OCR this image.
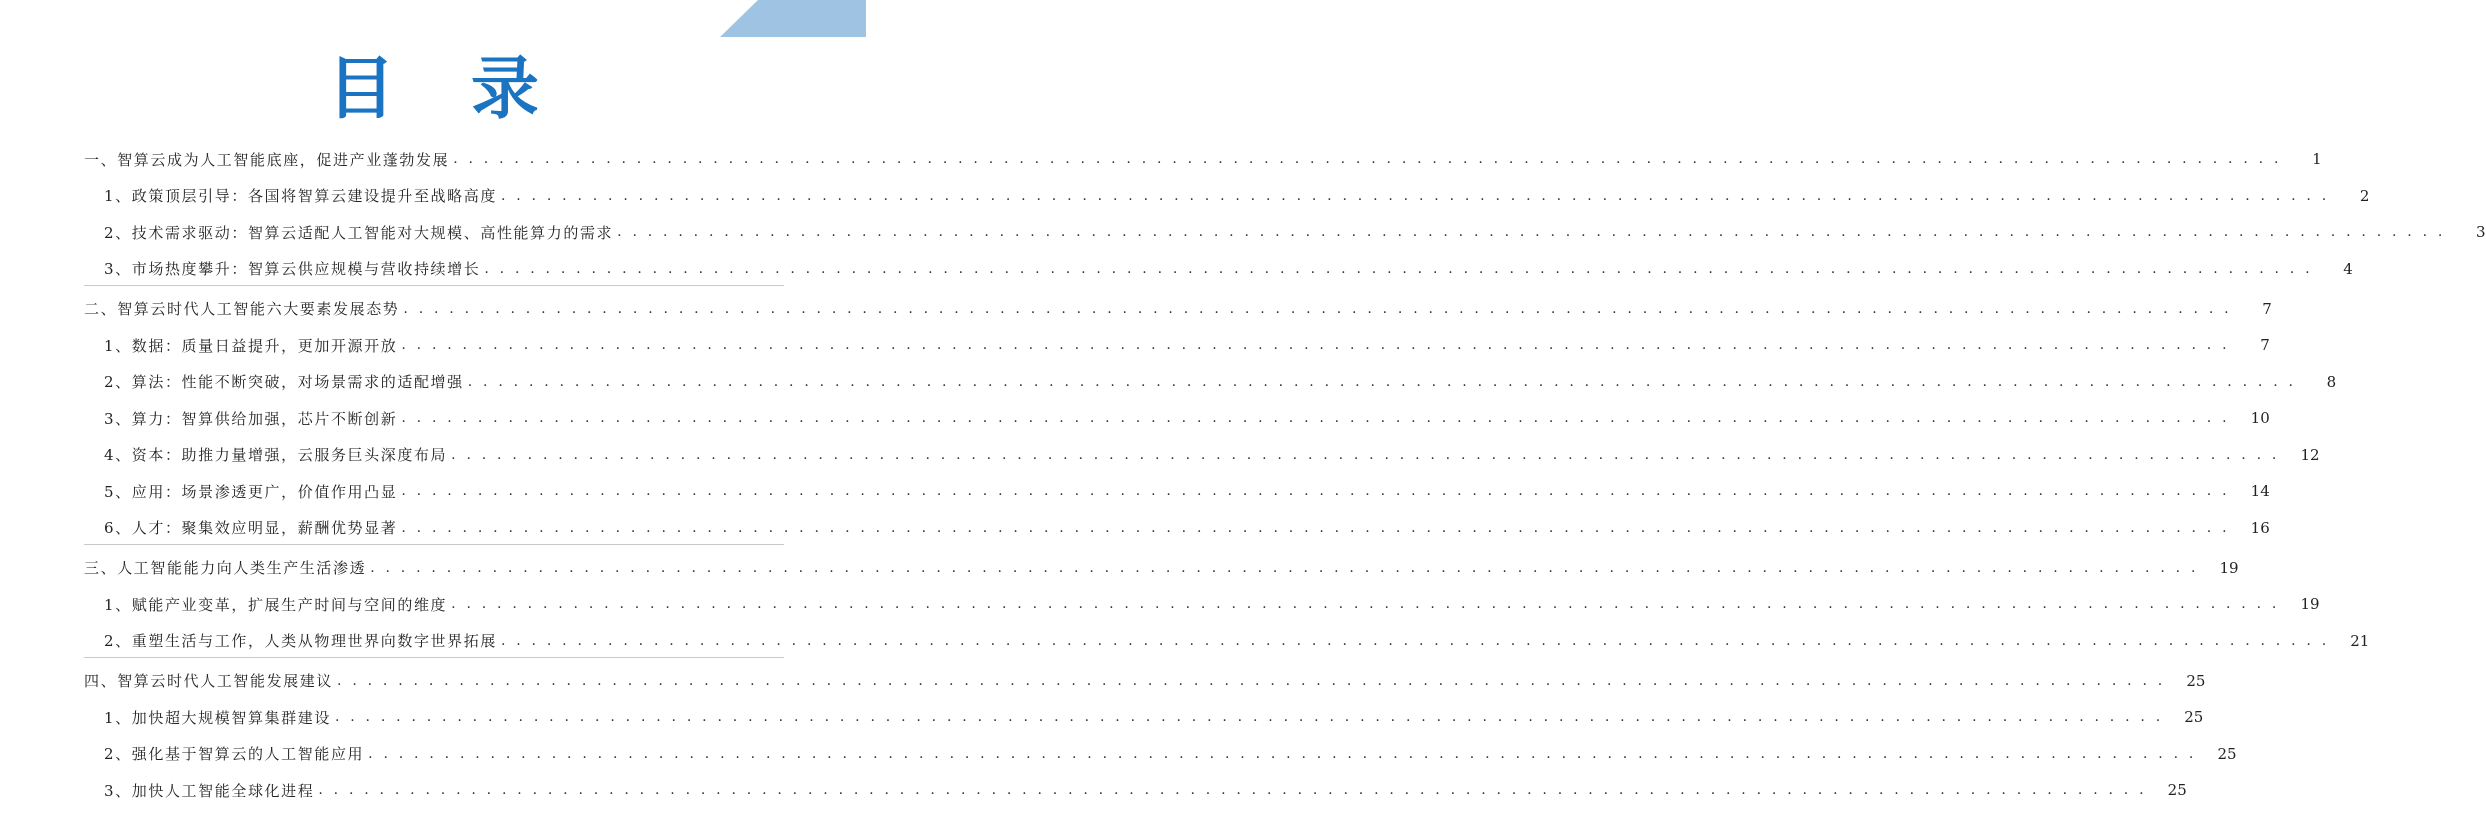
目 录
一、智算云成为人工智能底座，促进产业蓬勃发展 . . . . . . . . . . . . . . . . . . . . . . . . . . . . . . . . . . . . . . . . . . . . . . . . . . . . . . . . . . . . . . . . . . . . . . . . . . . . . . . . . . . . . . . . . . . . . . . . . . . . . . . . . . . . . . . . . . . . . . . .	1
1、政策顶层引导：各国将智算云建设提升至战略高度 . . . . . . . . . . . . . . . . . . . . . . . . . . . . . . . . . . . . . . . . . . . . . . . . . . . . . . . . . . . . . . . . . . . . . . . . . . . . . . . . . . . . . . . . . . . . . . . . . . . . . . . . . . . . . . . . . . . . . . . .	2
2、技术需求驱动：智算云适配人工智能对大规模、高性能算力的需求 . . . . . . . . . . . . . . . . . . . . . . . . . . . . . . . . . . . . . . . . . . . . . . . . . . . . . . . . . . . . . . . . . . . . . . . . . . . . . . . . . . . . . . . . . . . . . . . . . . . . . . . . . . . . . . . . . . . . . . . .	3
3、市场热度攀升：智算云供应规模与营收持续增长 . . . . . . . . . . . . . . . . . . . . . . . . . . . . . . . . . . . . . . . . . . . . . . . . . . . . . . . . . . . . . . . . . . . . . . . . . . . . . . . . . . . . . . . . . . . . . . . . . . . . . . . . . . . . . . . . . . . . . . . .	4
二、智算云时代人工智能六大要素发展态势 . . . . . . . . . . . . . . . . . . . . . . . . . . . . . . . . . . . . . . . . . . . . . . . . . . . . . . . . . . . . . . . . . . . . . . . . . . . . . . . . . . . . . . . . . . . . . . . . . . . . . . . . . . . . . . . . . . . . . . . .	7
1、数据：质量日益提升，更加开源开放 . . . . . . . . . . . . . . . . . . . . . . . . . . . . . . . . . . . . . . . . . . . . . . . . . . . . . . . . . . . . . . . . . . . . . . . . . . . . . . . . . . . . . . . . . . . . . . . . . . . . . . . . . . . . . . . . . . . . . . . .	7
2、算法：性能不断突破，对场景需求的适配增强 . . . . . . . . . . . . . . . . . . . . . . . . . . . . . . . . . . . . . . . . . . . . . . . . . . . . . . . . . . . . . . . . . . . . . . . . . . . . . . . . . . . . . . . . . . . . . . . . . . . . . . . . . . . . . . . . . . . . . . . .	8
3、算力：智算供给加强，芯片不断创新 . . . . . . . . . . . . . . . . . . . . . . . . . . . . . . . . . . . . . . . . . . . . . . . . . . . . . . . . . . . . . . . . . . . . . . . . . . . . . . . . . . . . . . . . . . . . . . . . . . . . . . . . . . . . . . . . . . . . . . . .	10
4、资本：助推力量增强，云服务巨头深度布局 . . . . . . . . . . . . . . . . . . . . . . . . . . . . . . . . . . . . . . . . . . . . . . . . . . . . . . . . . . . . . . . . . . . . . . . . . . . . . . . . . . . . . . . . . . . . . . . . . . . . . . . . . . . . . . . . . . . . . . . .	12
5、应用：场景渗透更广，价值作用凸显 . . . . . . . . . . . . . . . . . . . . . . . . . . . . . . . . . . . . . . . . . . . . . . . . . . . . . . . . . . . . . . . . . . . . . . . . . . . . . . . . . . . . . . . . . . . . . . . . . . . . . . . . . . . . . . . . . . . . . . . .	14
6、人才：聚集效应明显，薪酬优势显著 . . . . . . . . . . . . . . . . . . . . . . . . . . . . . . . . . . . . . . . . . . . . . . . . . . . . . . . . . . . . . . . . . . . . . . . . . . . . . . . . . . . . . . . . . . . . . . . . . . . . . . . . . . . . . . . . . . . . . . . .	16
三、人工智能能力向人类生产生活渗透 . . . . . . . . . . . . . . . . . . . . . . . . . . . . . . . . . . . . . . . . . . . . . . . . . . . . . . . . . . . . . . . . . . . . . . . . . . . . . . . . . . . . . . . . . . . . . . . . . . . . . . . . . . . . . . . . . . . . . . . .	19
1、赋能产业变革，扩展生产时间与空间的维度 . . . . . . . . . . . . . . . . . . . . . . . . . . . . . . . . . . . . . . . . . . . . . . . . . . . . . . . . . . . . . . . . . . . . . . . . . . . . . . . . . . . . . . . . . . . . . . . . . . . . . . . . . . . . . . . . . . . . . . . .	19
2、重塑生活与工作，人类从物理世界向数字世界拓展 . . . . . . . . . . . . . . . . . . . . . . . . . . . . . . . . . . . . . . . . . . . . . . . . . . . . . . . . . . . . . . . . . . . . . . . . . . . . . . . . . . . . . . . . . . . . . . . . . . . . . . . . . . . . . . . . . . . . . . . .	21
四、智算云时代人工智能发展建议 . . . . . . . . . . . . . . . . . . . . . . . . . . . . . . . . . . . . . . . . . . . . . . . . . . . . . . . . . . . . . . . . . . . . . . . . . . . . . . . . . . . . . . . . . . . . . . . . . . . . . . . . . . . . . . . . . . . . . . . .	25
1、加快超大规模智算集群建设 . . . . . . . . . . . . . . . . . . . . . . . . . . . . . . . . . . . . . . . . . . . . . . . . . . . . . . . . . . . . . . . . . . . . . . . . . . . . . . . . . . . . . . . . . . . . . . . . . . . . . . . . . . . . . . . . . . . . . . . .	25
2、强化基于智算云的人工智能应用 . . . . . . . . . . . . . . . . . . . . . . . . . . . . . . . . . . . . . . . . . . . . . . . . . . . . . . . . . . . . . . . . . . . . . . . . . . . . . . . . . . . . . . . . . . . . . . . . . . . . . . . . . . . . . . . . . . . . . . . .	25
3、加快人工智能全球化进程 . . . . . . . . . . . . . . . . . . . . . . . . . . . . . . . . . . . . . . . . . . . . . . . . . . . . . . . . . . . . . . . . . . . . . . . . . . . . . . . . . . . . . . . . . . . . . . . . . . . . . . . . . . . . . . . . . . . . . . . .	25
